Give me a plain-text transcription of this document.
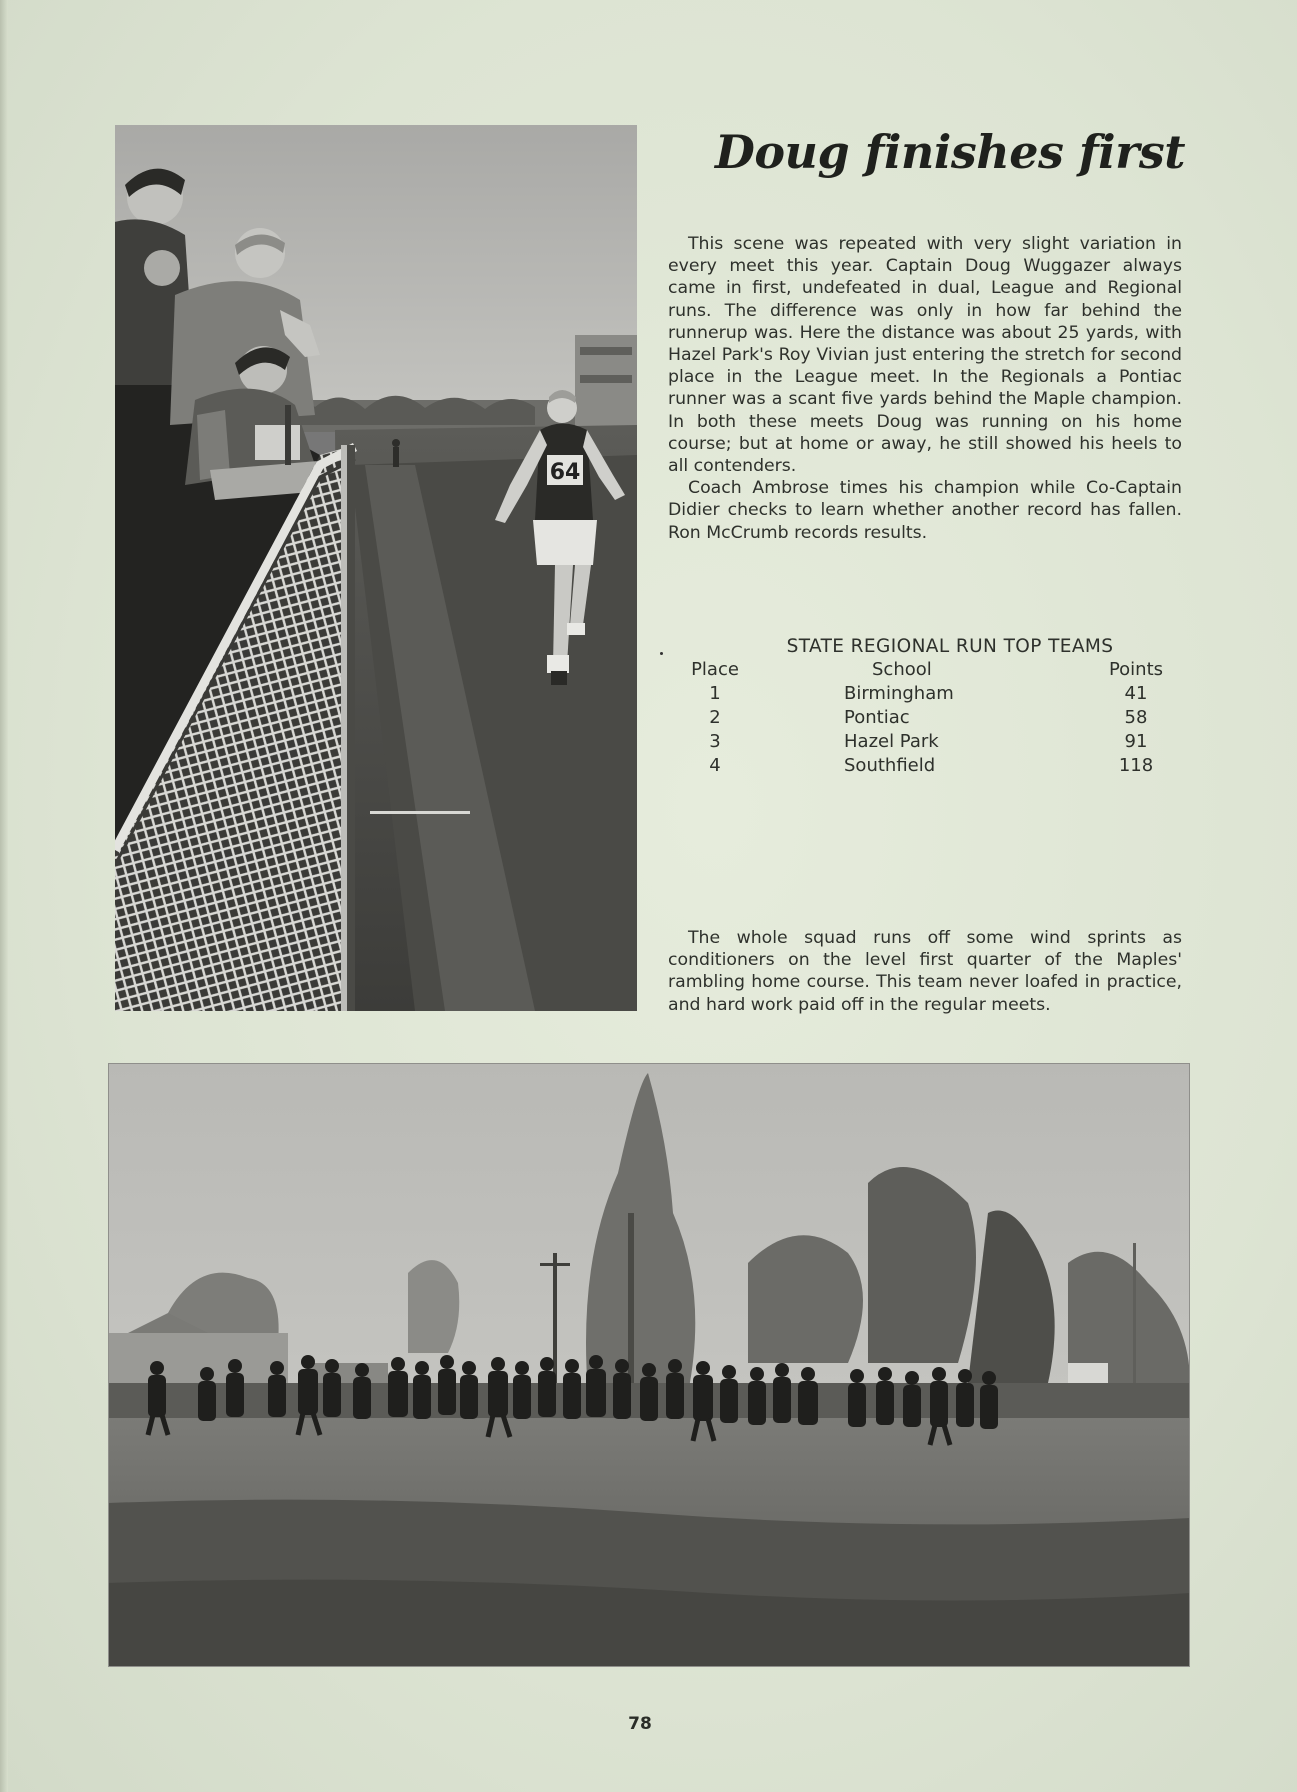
64
Doug finishes first

This scene was repeated with very slight variation in every meet this year. Captain Doug Wuggazer always came in first, undefeated in dual, League and Regional runs. The difference was only in how far behind the runnerup was. Here the distance was about 25 yards, with Hazel Park's Roy Vivian just entering the stretch for second place in the League meet. In the Regionals a Pontiac runner was a scant five yards behind the Maple champion. In both these meets Doug was running on his home course; but at home or away, he still showed his heels to all contenders.

Coach Ambrose times his champion while Co-Captain Didier checks to learn whether another record has fallen. Ron McCrumb records results.

STATE REGIONAL RUN TOP TEAMS
Place	School	Points
1	Birmingham	41
2	Pontiac	58
3	Hazel Park	91
4	Southfield	118

The whole squad runs off some wind sprints as conditioners on the level first quarter of the Maples' rambling home course. This team never loafed in practice, and hard work paid off in the regular meets.

78
